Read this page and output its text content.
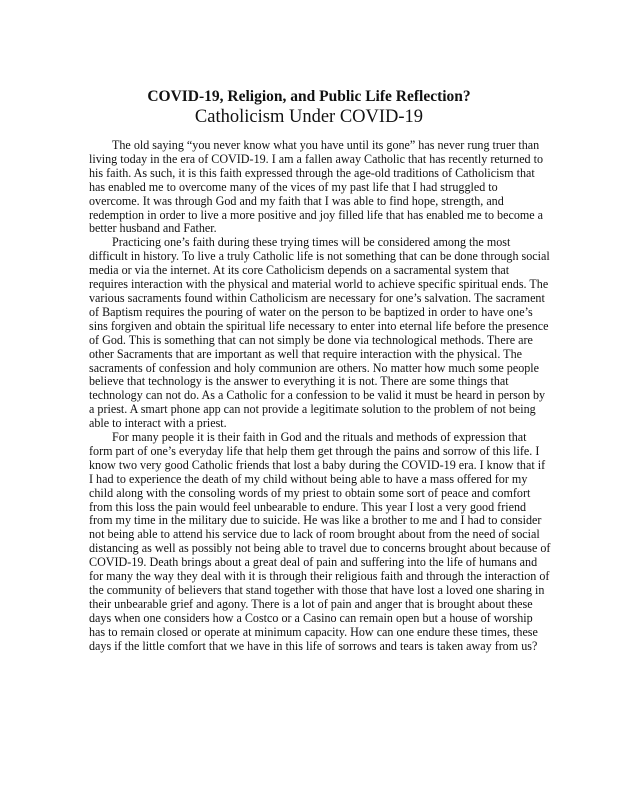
COVID-19, Religion, and Public Life Reflection?
Catholicism Under COVID-19

The old saying “you never know what you have until its gone” has never rung truer than living today in the era of COVID-19. I am a fallen away Catholic that has recently returned to his faith. As such, it is this faith expressed through the age-old traditions of Catholicism that has enabled me to overcome many of the vices of my past life that I had struggled to overcome. It was through God and my faith that I was able to find hope, strength, and redemption in order to live a more positive and joy filled life that has enabled me to become a better husband and Father.

Practicing one’s faith during these trying times will be considered among the most difficult in history. To live a truly Catholic life is not something that can be done through social media or via the internet. At its core Catholicism depends on a sacramental system that requires interaction with the physical and material world to achieve specific spiritual ends. The various sacraments found within Catholicism are necessary for one’s salvation. The sacrament of Baptism requires the pouring of water on the person to be baptized in order to have one’s sins forgiven and obtain the spiritual life necessary to enter into eternal life before the presence of God. This is something that can not simply be done via technological methods. There are other Sacraments that are important as well that require interaction with the physical. The sacraments of confession and holy communion are others. No matter how much some people believe that technology is the answer to everything it is not. There are some things that technology can not do. As a Catholic for a confession to be valid it must be heard in person by a priest. A smart phone app can not provide a legitimate solution to the problem of not being able to interact with a priest.

For many people it is their faith in God and the rituals and methods of expression that form part of one’s everyday life that help them get through the pains and sorrow of this life. I know two very good Catholic friends that lost a baby during the COVID-19 era. I know that if I had to experience the death of my child without being able to have a mass offered for my child along with the consoling words of my priest to obtain some sort of peace and comfort from this loss the pain would feel unbearable to endure. This year I lost a very good friend from my time in the military due to suicide. He was like a brother to me and I had to consider not being able to attend his service due to lack of room brought about from the need of social distancing as well as possibly not being able to travel due to concerns brought about because of COVID-19. Death brings about a great deal of pain and suffering into the life of humans and for many the way they deal with it is through their religious faith and through the interaction of the community of believers that stand together with those that have lost a loved one sharing in their unbearable grief and agony. There is a lot of pain and anger that is brought about these days when one considers how a Costco or a Casino can remain open but a house of worship has to remain closed or operate at minimum capacity. How can one endure these times, these days if the little comfort that we have in this life of sorrows and tears is taken away from us?
